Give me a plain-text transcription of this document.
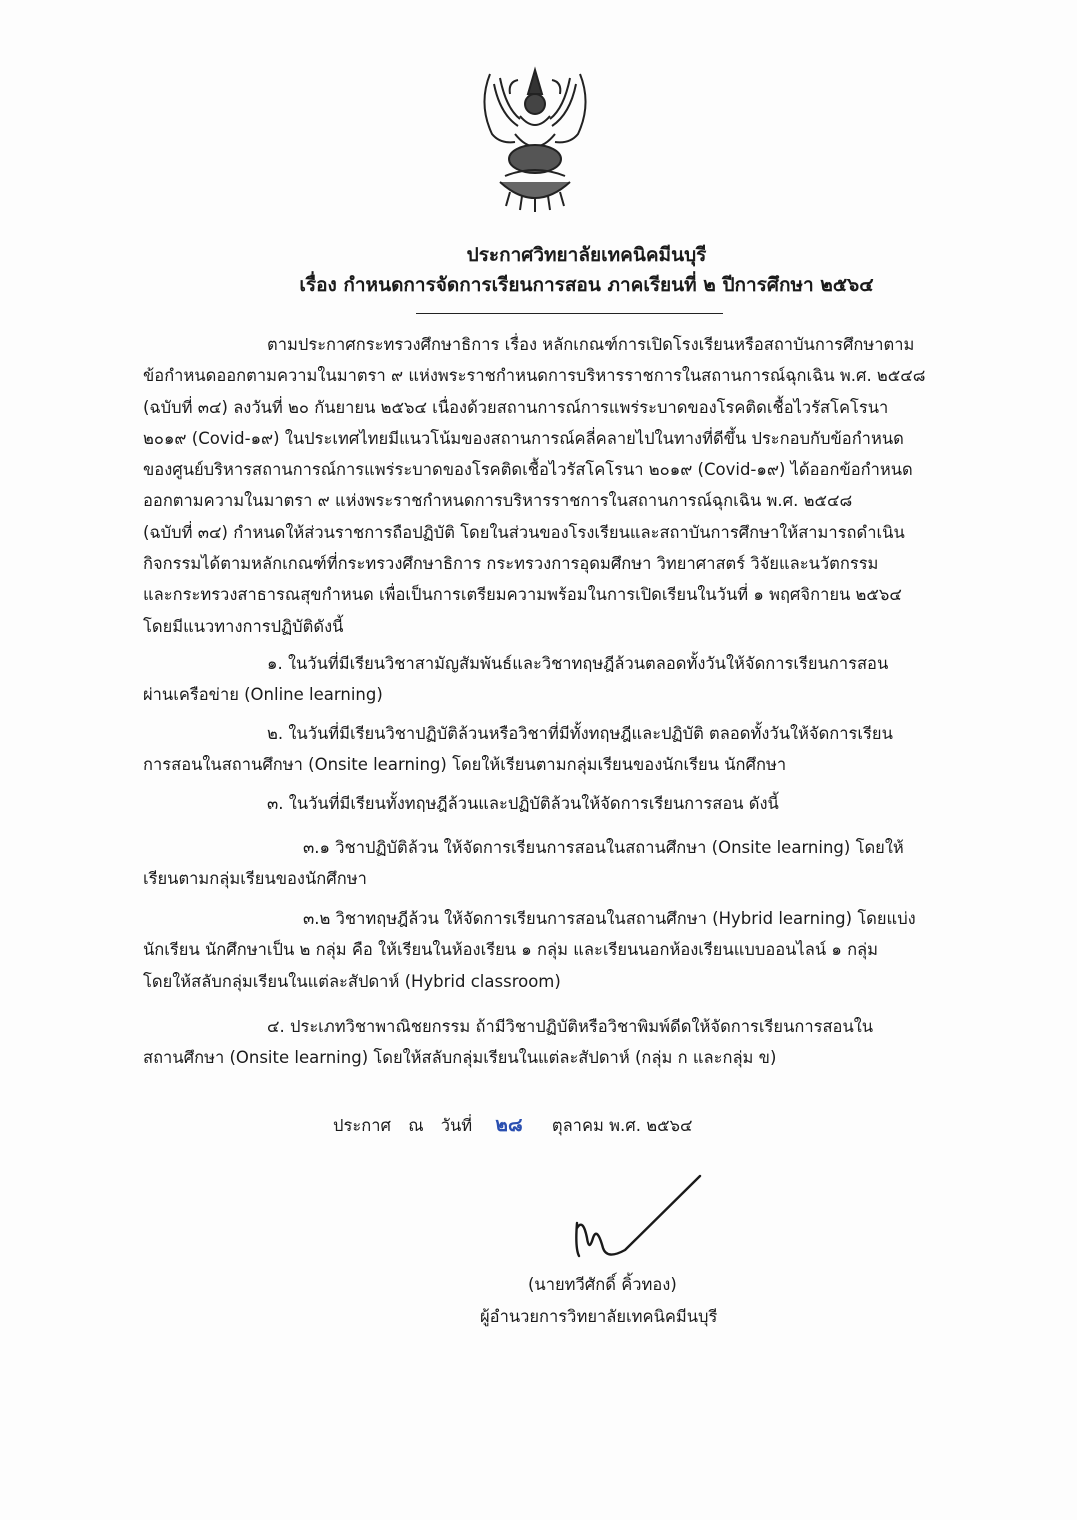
ประกาศวิทยาลัยเทคนิคมีนบุรี
เรื่อง กำหนดการจัดการเรียนการสอน ภาคเรียนที่ ๒ ปีการศึกษา ๒๕๖๔
ตามประกาศกระทรวงศึกษาธิการ เรื่อง หลักเกณฑ์การเปิดโรงเรียนหรือสถาบันการศึกษาตาม
ข้อกำหนดออกตามความในมาตรา ๙ แห่งพระราชกำหนดการบริหารราชการในสถานการณ์ฉุกเฉิน พ.ศ. ๒๕๔๘
(ฉบับที่ ๓๔) ลงวันที่ ๒๐ กันยายน ๒๕๖๔ เนื่องด้วยสถานการณ์การแพร่ระบาดของโรคติดเชื้อไวรัสโคโรนา
๒๐๑๙ (Covid-๑๙) ในประเทศไทยมีแนวโน้มของสถานการณ์คลี่คลายไปในทางที่ดีขึ้น ประกอบกับข้อกำหนด
ของศูนย์บริหารสถานการณ์การแพร่ระบาดของโรคติดเชื้อไวรัสโคโรนา ๒๐๑๙ (Covid-๑๙) ได้ออกข้อกำหนด
ออกตามความในมาตรา ๙ แห่งพระราชกำหนดการบริหารราชการในสถานการณ์ฉุกเฉิน พ.ศ. ๒๕๔๘
(ฉบับที่ ๓๔) กำหนดให้ส่วนราชการถือปฏิบัติ โดยในส่วนของโรงเรียนและสถาบันการศึกษาให้สามารถดำเนิน
กิจกรรมได้ตามหลักเกณฑ์ที่กระทรวงศึกษาธิการ กระทรวงการอุดมศึกษา วิทยาศาสตร์ วิจัยและนวัตกรรม
และกระทรวงสาธารณสุขกำหนด เพื่อเป็นการเตรียมความพร้อมในการเปิดเรียนในวันที่ ๑ พฤศจิกายน ๒๕๖๔
โดยมีแนวทางการปฏิบัติดังนี้
๑. ในวันที่มีเรียนวิชาสามัญสัมพันธ์และวิชาทฤษฎีล้วนตลอดทั้งวันให้จัดการเรียนการสอน
ผ่านเครือข่าย (Online learning)
๒. ในวันที่มีเรียนวิชาปฏิบัติล้วนหรือวิชาที่มีทั้งทฤษฎีและปฏิบัติ ตลอดทั้งวันให้จัดการเรียน
การสอนในสถานศึกษา (Onsite learning) โดยให้เรียนตามกลุ่มเรียนของนักเรียน นักศึกษา
๓. ในวันที่มีเรียนทั้งทฤษฎีล้วนและปฏิบัติล้วนให้จัดการเรียนการสอน ดังนี้
๓.๑ วิชาปฏิบัติล้วน ให้จัดการเรียนการสอนในสถานศึกษา (Onsite learning) โดยให้
เรียนตามกลุ่มเรียนของนักศึกษา
๓.๒ วิชาทฤษฎีล้วน ให้จัดการเรียนการสอนในสถานศึกษา (Hybrid learning) โดยแบ่ง
นักเรียน นักศึกษาเป็น ๒ กลุ่ม คือ ให้เรียนในห้องเรียน ๑ กลุ่ม และเรียนนอกห้องเรียนแบบออนไลน์ ๑ กลุ่ม
โดยให้สลับกลุ่มเรียนในแต่ละสัปดาห์ (Hybrid classroom)
๔. ประเภทวิชาพาณิชยกรรม ถ้ามีวิชาปฏิบัติหรือวิชาพิมพ์ดีดให้จัดการเรียนการสอนใน
สถานศึกษา (Onsite learning) โดยให้สลับกลุ่มเรียนในแต่ละสัปดาห์ (กลุ่ม ก และกลุ่ม ข)
ประกาศ ณ วันที่ ๒๘ ตุลาคม พ.ศ. ๒๕๖๔
(นายทวีศักดิ์ คิ้วทอง)
ผู้อำนวยการวิทยาลัยเทคนิคมีนบุรี
